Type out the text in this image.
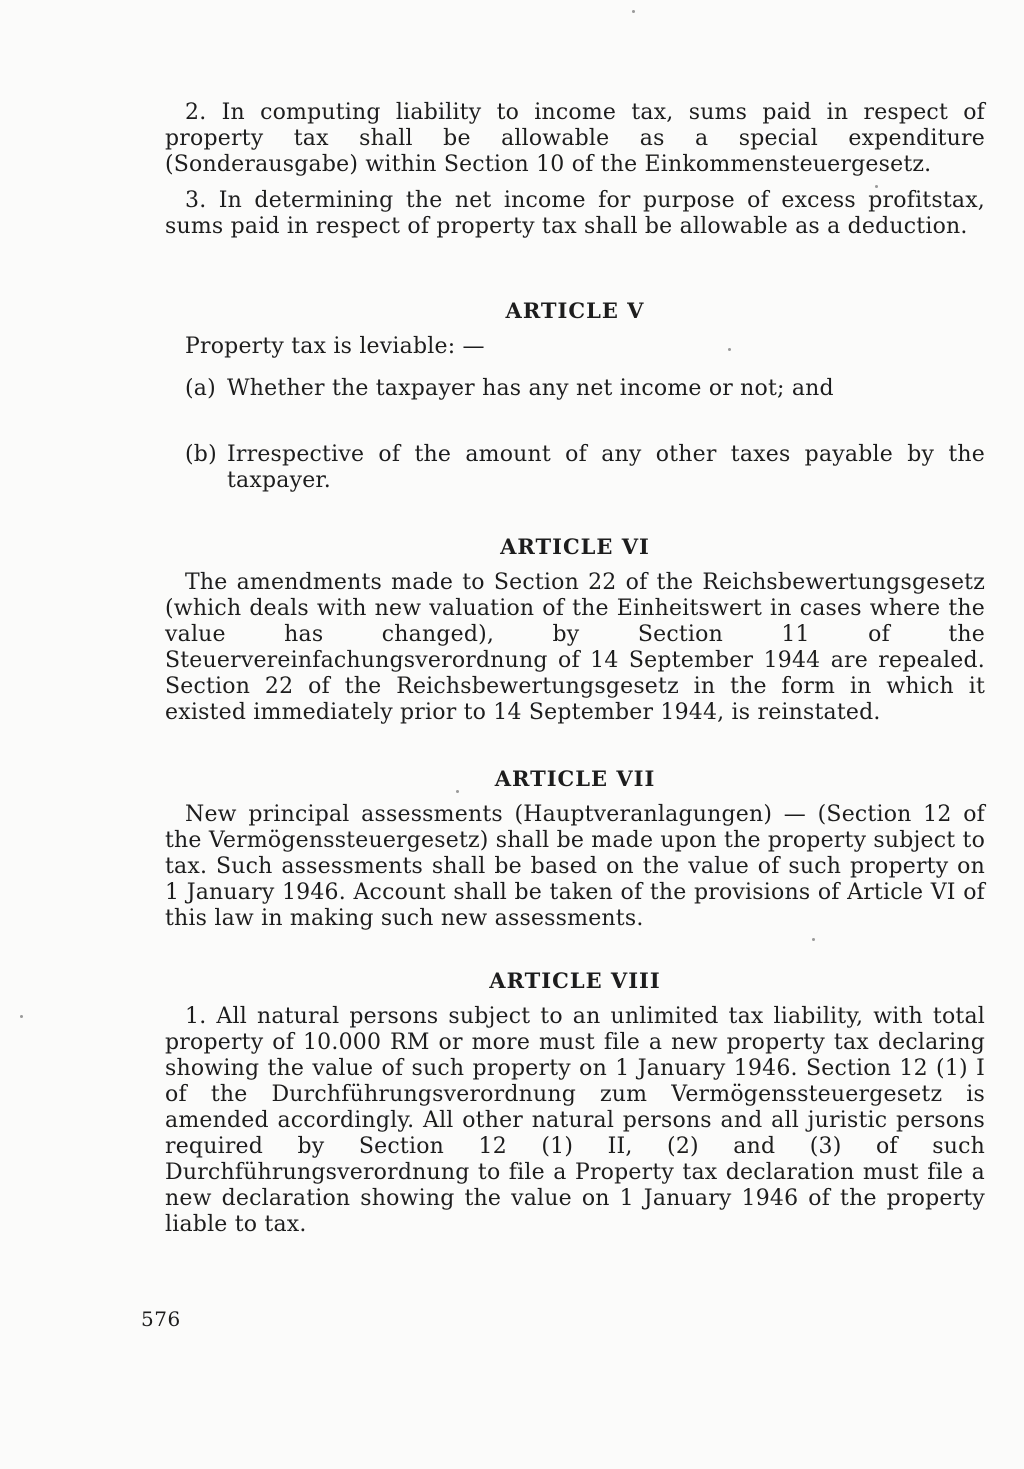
2. In computing liability to income tax, sums paid in respect of property tax shall be allowable as a special expenditure (Sonderausgabe) within Section 10 of the Einkommensteuergesetz.

3. In determining the net income for purpose of excess profitstax, sums paid in respect of property tax shall be allowable as a deduction.

ARTICLE V

Property tax is leviable: —

(a) Whether the taxpayer has any net income or not; and
(b) Irrespective of the amount of any other taxes payable by the taxpayer.
ARTICLE VI

The amendments made to Section 22 of the Reichsbewertungsgesetz (which deals with new valuation of the Einheitswert in cases where the value has changed), by Section 11 of the Steuervereinfachungsverordnung of 14 September 1944 are repealed. Section 22 of the Reichsbewertungsgesetz in the form in which it existed immediately prior to 14 September 1944, is reinstated.

ARTICLE VII

New principal assessments (Hauptveranlagungen) — (Section 12 of the Vermögenssteuergesetz) shall be made upon the property subject to tax. Such assessments shall be based on the value of such property on 1 January 1946. Account shall be taken of the provisions of Article VI of this law in making such new assessments.

ARTICLE VIII

1. All natural persons subject to an unlimited tax liability, with total property of 10.000 RM or more must file a new property tax declaring showing the value of such property on 1 January 1946. Section 12 (1) I of the Durchführungsverordnung zum Vermögenssteuergesetz is amended accordingly. All other natural persons and all juristic persons required by Section 12 (1) II, (2) and (3) of such Durchführungsverordnung to file a Property tax declaration must file a new declaration showing the value on 1 January 1946 of the property liable to tax.

576
